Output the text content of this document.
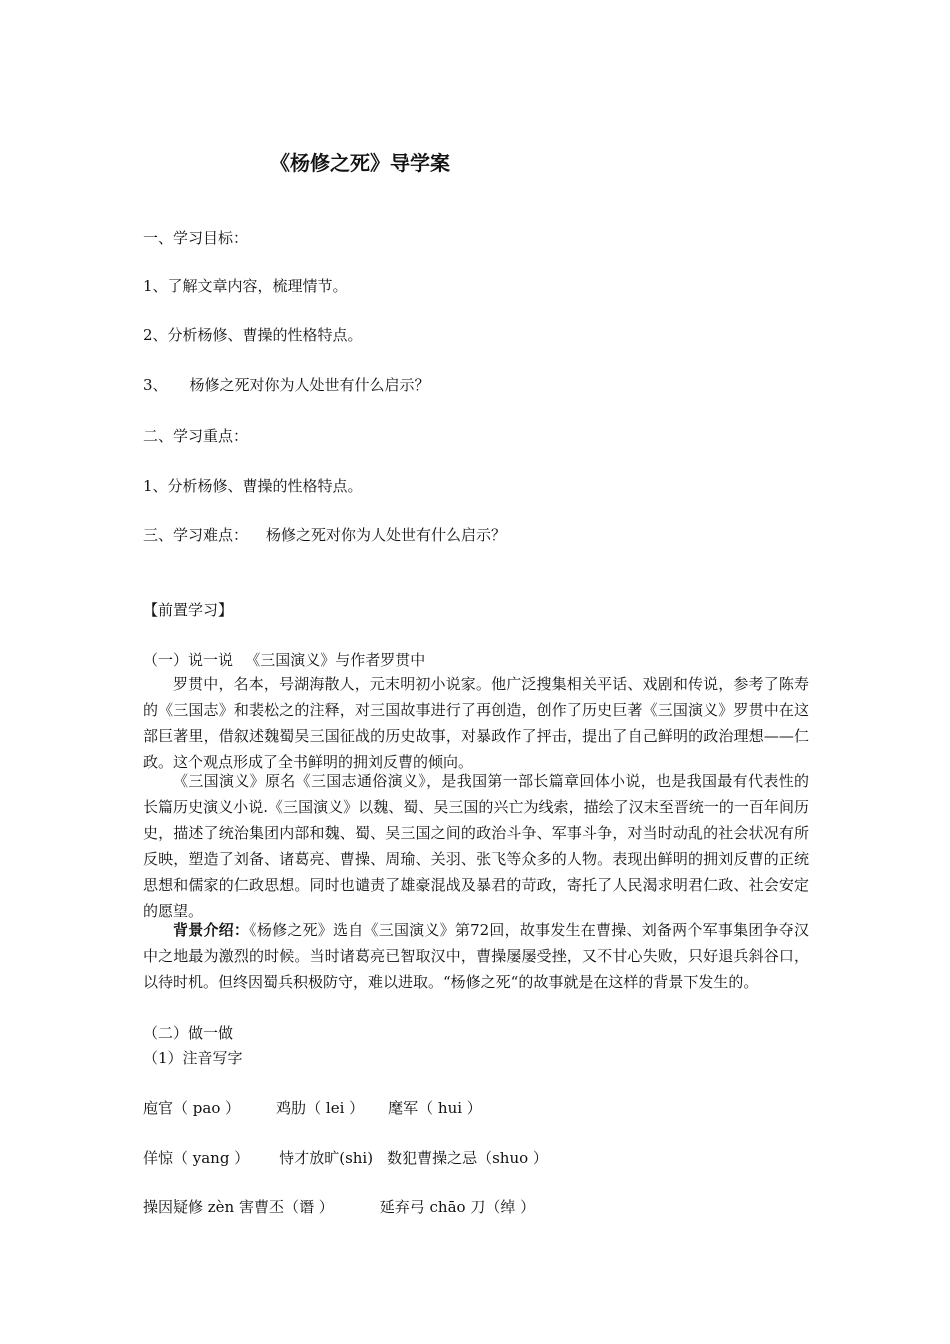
《杨修之死》导学案

一、学习目标：

1、了解文章内容，梳理情节。

2、分析杨修、曹操的性格特点。

3、 杨修之死对你为人处世有什么启示？

二、学习重点：

1、分析杨修、曹操的性格特点。

三、学习难点： 杨修之死对你为人处世有什么启示？

【前置学习】

（一）说一说 　《三国演义》与作者罗贯中

罗贯中，名本，号湖海散人，元末明初小说家。他广泛搜集相关平话、戏剧和传说，参考了陈寿的《三国志》和裴松之的注释，对三国故事进行了再创造，创作了历史巨著《三国演义》罗贯中在这部巨著里，借叙述魏蜀吴三国征战的历史故事，对暴政作了抨击，提出了自己鲜明的政治理想——仁政。这个观点形成了全书鲜明的拥刘反曹的倾向。

《三国演义》原名《三国志通俗演义》，是我国第一部长篇章回体小说，也是我国最有代表性的长篇历史演义小说.《三国演义》以魏、蜀、吴三国的兴亡为线索，描绘了汉末至晋统一的一百年间历史，描述了统治集团内部和魏、蜀、吴三国之间的政治斗争、军事斗争，对当时动乱的社会状况有所反映，塑造了刘备、诸葛亮、曹操、周瑜、关羽、张飞等众多的人物。表现出鲜明的拥刘反曹的正统思想和儒家的仁政思想。同时也谴责了雄豪混战及暴君的苛政，寄托了人民渴求明君仁政、社会安定的愿望。

背景介绍：《杨修之死》选自《三国演义》第72回，故事发生在曹操、刘备两个军事集团争夺汉中之地最为激烈的时候。当时诸葛亮已智取汉中，曹操屡屡受挫，又不甘心失败，只好退兵斜谷口，以待时机。但终因蜀兵积极防守，难以进取。“杨修之死“的故事就是在这样的背景下发生的。

（二）做一做

（1）注音写字

庖官（ pao ） 鸡肋（ lei ） 麾军（ hui ）

佯惊（ yang ） 恃才放旷(shi) 数犯曹操之忌（shuo ）

操因疑修 zèn 害曹丕（谮 ）	延弃弓 chāo 刀（绰 ）
